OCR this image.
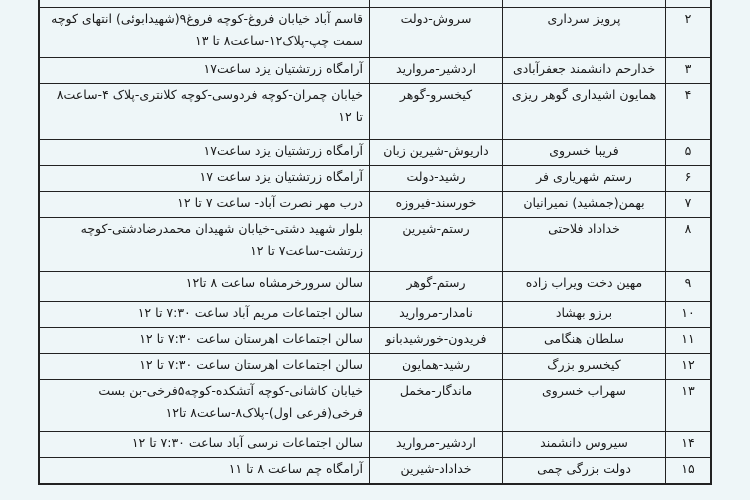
۲	پرویز سرداری	سروش-دولت	قاسم آباد خیابان فروغ-کوچه فروغ۹(شهیدابوئی) انتهای کوچه سمت چپ-پلاک۱۲-ساعت۸ تا ۱۳
۳	خدارحم دانشمند جعفرآبادی	اردشیر-مروارید	آرامگاه زرتشتیان یزد ساعت۱۷
۴	همایون اشیداری گوهر ریزی	کیخسرو-گوهر	خیابان چمران-کوچه فردوسی-کوچه کلانتری-پلاک ۴-ساعت۸ تا ۱۲
۵	فریبا خسروی	داریوش-شیرین زبان	آرامگاه زرتشتیان یزد ساعت۱۷
۶	رستم شهریاری فر	رشید-دولت	آرامگاه زرتشتیان یزد ساعت ۱۷
۷	بهمن(جمشید) نمیرانیان	خورسند-فیروزه	درب مهر نصرت آباد- ساعت ۷ تا ۱۲
۸	خداداد فلاحتی	رستم-شیرین	بلوار شهید دشتی-خیابان شهیدان محمدرضادشتی-کوچه زرتشت-ساعت۷ تا ۱۲
۹	مهین دخت ویراب زاده	رستم-گوهر	سالن سرورخرمشاه ساعت ۸ تا۱۲
۱۰	برزو بهشاد	نامدار-مروارید	سالن اجتماعات مریم آباد ساعت ۷:۳۰ تا ۱۲
۱۱	سلطان هنگامی	فریدون-خورشیدبانو	سالن اجتماعات اهرستان ساعت ۷:۳۰ تا ۱۲
۱۲	کیخسرو بزرگ	رشید-همایون	سالن اجتماعات اهرستان ساعت ۷:۳۰ تا ۱۲
۱۳	سهراب خسروی	ماندگار-مخمل	خیابان کاشانی-کوچه آتشکده-کوچه۵فرخی-بن بست فرخی(فرعی اول)-پلاک۸-ساعت۸ تا۱۲
۱۴	سیروس دانشمند	اردشیر-مروارید	سالن اجتماعات نرسی آباد ساعت ۷:۳۰ تا ۱۲
۱۵	دولت بزرگی چمی	خداداد-شیرین	آرامگاه چم ساعت ۸ تا ۱۱
